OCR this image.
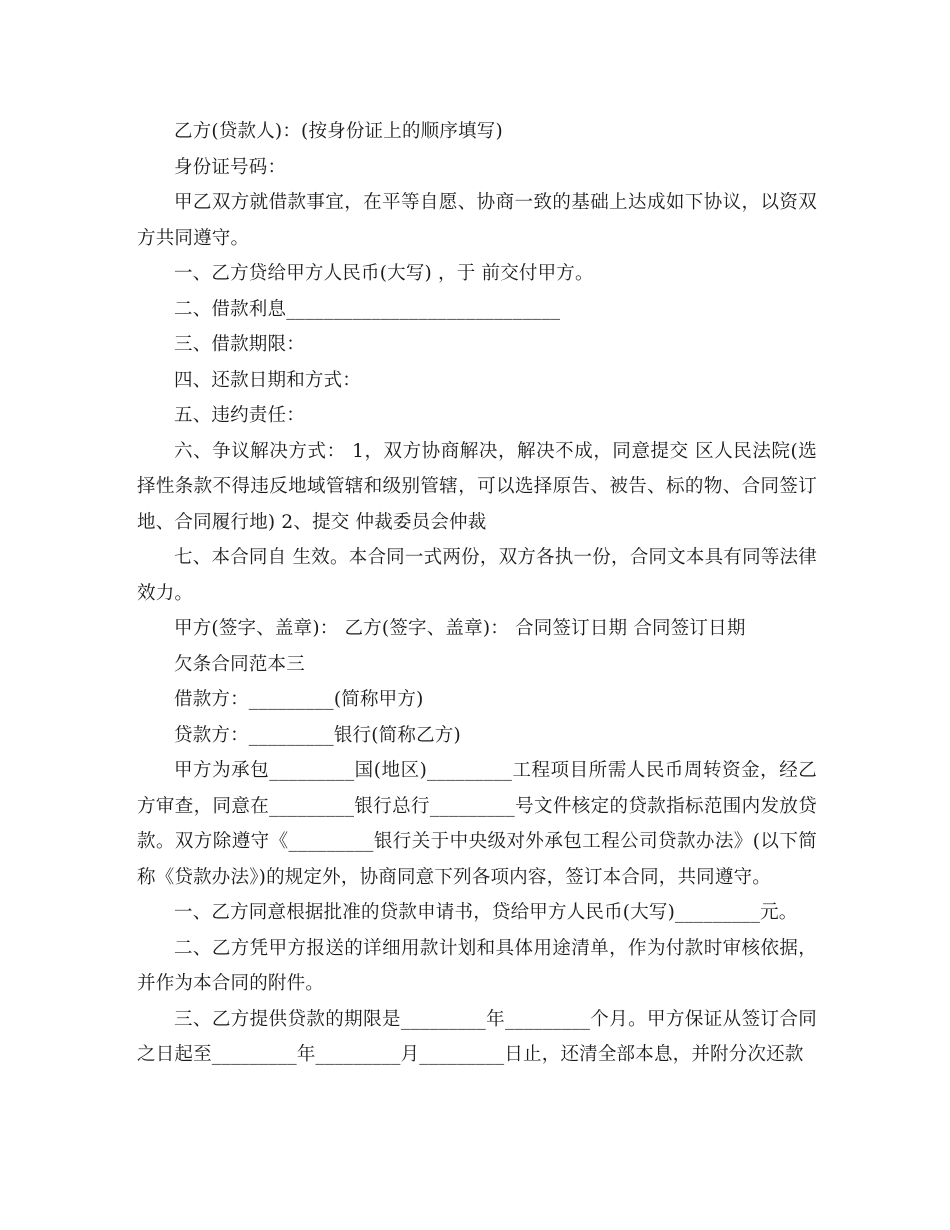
乙方(贷款人)：(按身份证上的顺序填写)

身份证号码：

甲乙双方就借款事宜，在平等自愿、协商一致的基础上达成如下协议，以资双方共同遵守。

一、乙方贷给甲方人民币(大写) ，于 前交付甲方。

二、借款利息_____________________________

三、借款期限：

四、还款日期和方式：

五、违约责任：

六、争议解决方式： 1，双方协商解决，解决不成，同意提交 区人民法院(选择性条款不得违反地域管辖和级别管辖，可以选择原告、被告、标的物、合同签订地、合同履行地) 2、提交 仲裁委员会仲裁

七、本合同自 生效。本合同一式两份，双方各执一份，合同文本具有同等法律效力。

甲方(签字、盖章)： 乙方(签字、盖章)： 合同签订日期 合同签订日期

欠条合同范本三

借款方：_________(简称甲方)

贷款方：_________银行(简称乙方)

甲方为承包_________国(地区)_________工程项目所需人民币周转资金，经乙方审查，同意在_________银行总行_________号文件核定的贷款指标范围内发放贷款。双方除遵守《_________银行关于中央级对外承包工程公司贷款办法》(以下简称《贷款办法》)的规定外，协商同意下列各项内容，签订本合同，共同遵守。

一、乙方同意根据批准的贷款申请书，贷给甲方人民币(大写)_________元。

二、乙方凭甲方报送的详细用款计划和具体用途清单，作为付款时审核依据，并作为本合同的附件。

三、乙方提供贷款的期限是_________年_________个月。甲方保证从签订合同之日起至_________年_________月_________日止，还清全部本息，并附分次还款
